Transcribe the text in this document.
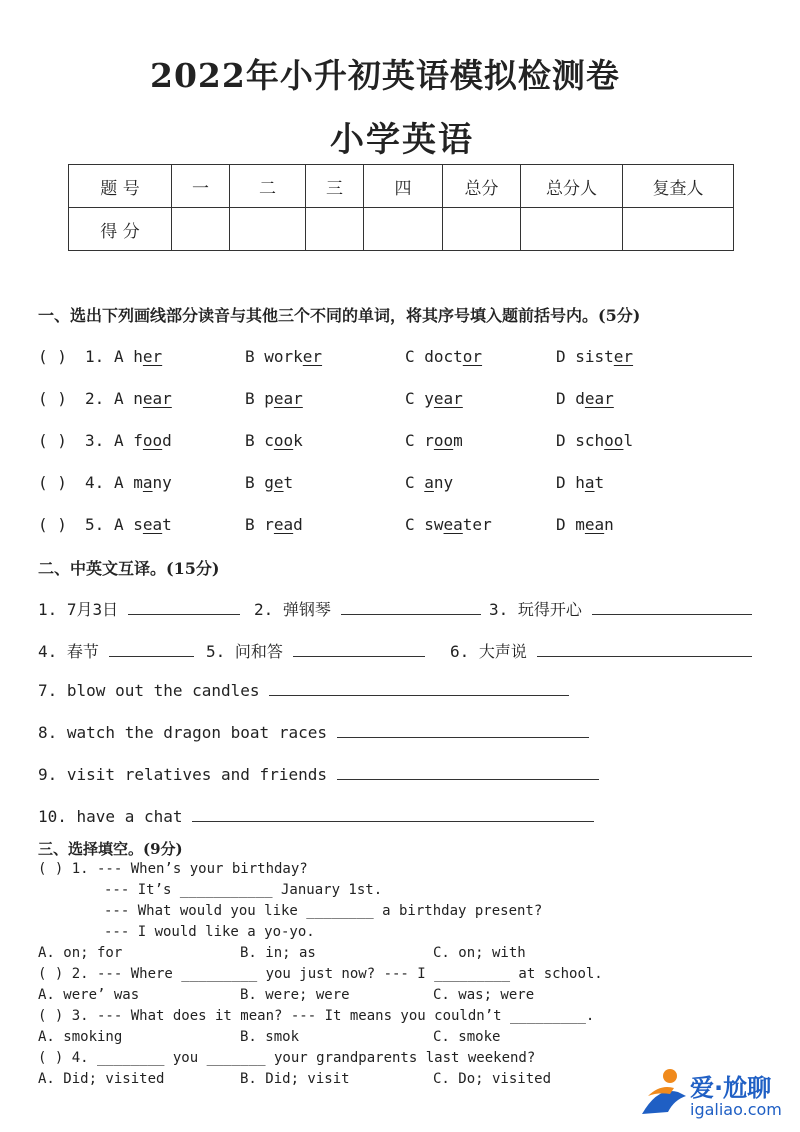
2022年小升初英语模拟检测卷
小学英语
题 号	一	二	三	四	总分	总分人	复查人
得 分							
一、选出下列画线部分读音与其他三个不同的单词，将其序号填入题前括号内。(5分)
( ) 1. A her	B worker	C doctor	D sister
( ) 2. A near	B pear	C year	D dear
( ) 3. A food	B cook	C room	D school
( ) 4. A many	B get	C any	D hat
( ) 5. A seat	B read	C sweater	D mean
二、中英文互译。(15分)
1. 7月3日	2. 弹钢琴	3. 玩得开心
4. 春节	5. 问和答	6. 大声说
7. blow out the candles
8. watch the dragon boat races
9. visit relatives and friends
10. have a chat
三、选择填空。(9分)
( ) 1. --- When’s your birthday?
--- It’s ___________ January 1st.
--- What would you like ________ a birthday present?
--- I would like a yo-yo.
A. on; for	B. in; as	C. on; with
( ) 2. --- Where _________ you just now? --- I _________ at school.
A. were’ was	B. were; were	C. was; were
( ) 3. --- What does it mean? --- It means you couldn’t _________.
A. smoking	B. smok	C. smoke
( ) 4. ________ you _______ your grandparents last weekend?
A. Did; visited	B. Did; visit	C. Do; visited	爱·尬聊
igaliao.com
